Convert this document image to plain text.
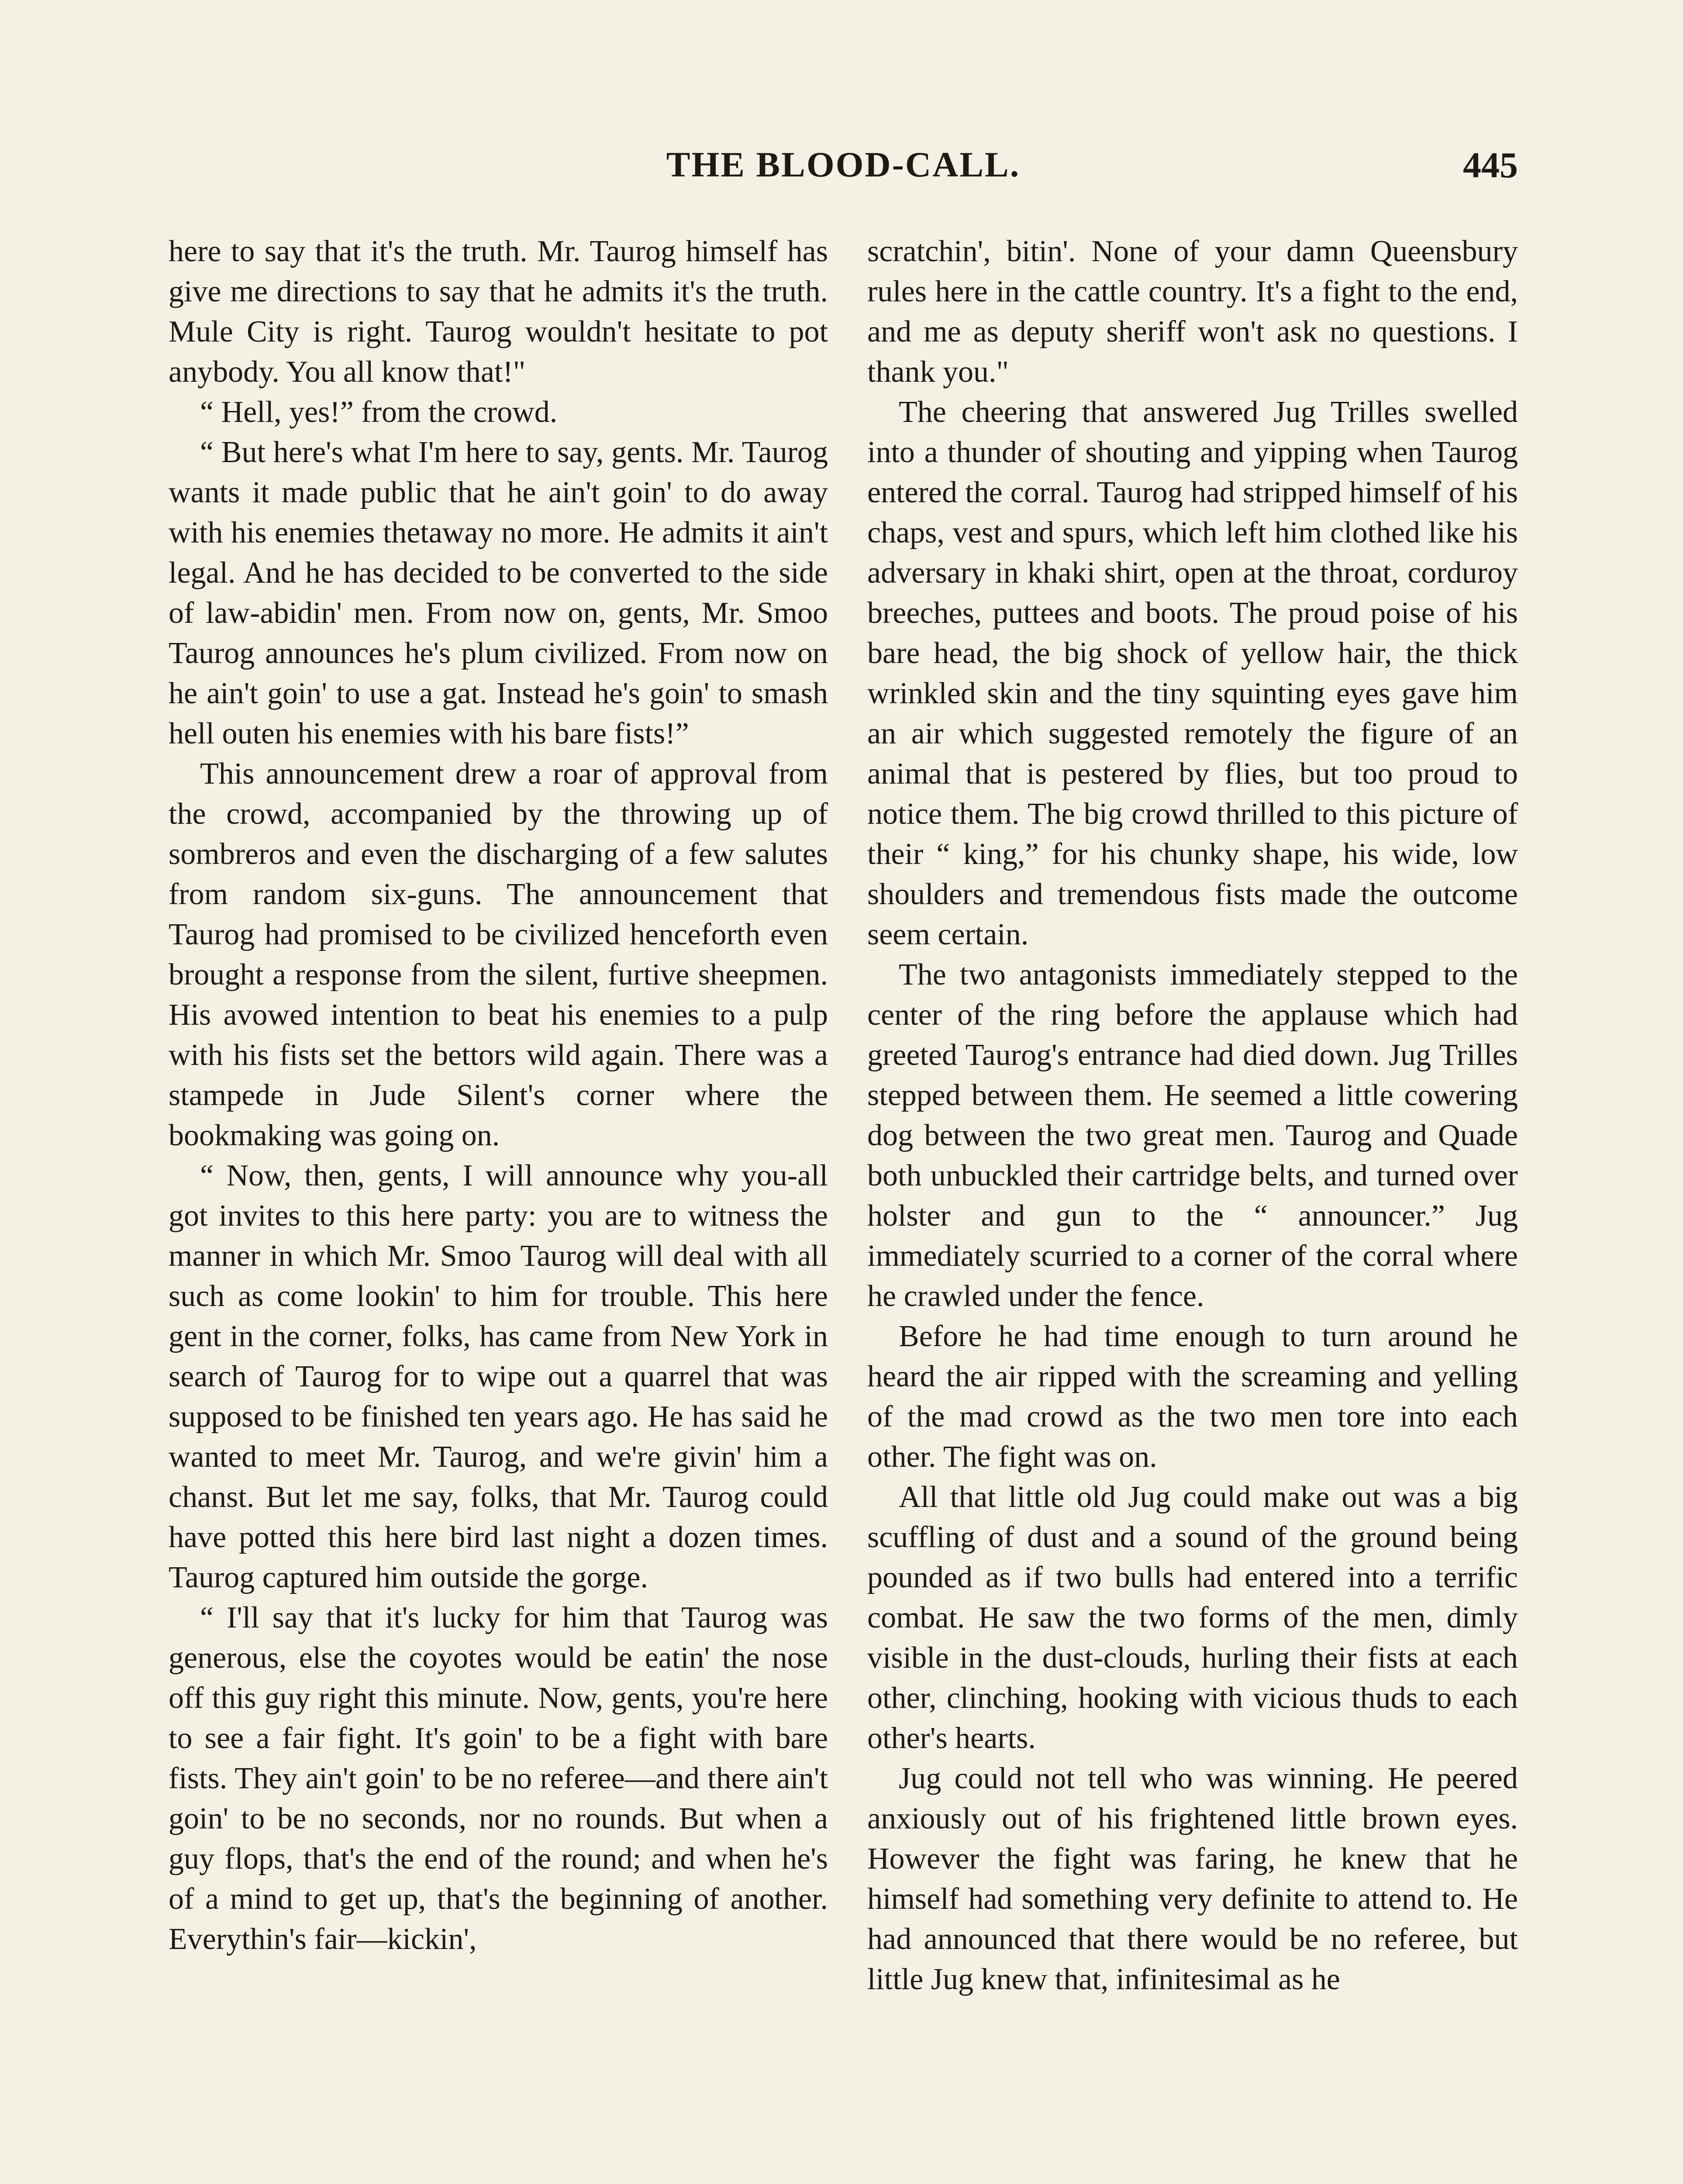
THE BLOOD-CALL.	445

here to say that it's the truth. Mr. Taurog himself has give me directions to say that he admits it's the truth. Mule City is right. Taurog wouldn't hesitate to pot anybody. You all know that!"

“ Hell, yes!” from the crowd.

“ But here's what I'm here to say, gents. Mr. Taurog wants it made public that he ain't goin' to do away with his enemies thetaway no more. He admits it ain't legal. And he has decided to be converted to the side of law-abidin' men. From now on, gents, Mr. Smoo Taurog announces he's plum civilized. From now on he ain't goin' to use a gat. Instead he's goin' to smash hell outen his enemies with his bare fists!”

This announcement drew a roar of approval from the crowd, accompanied by the throwing up of sombreros and even the discharging of a few salutes from random six-guns. The announcement that Taurog had promised to be civilized henceforth even brought a response from the silent, furtive sheepmen. His avowed intention to beat his enemies to a pulp with his fists set the bettors wild again. There was a stampede in Jude Silent's corner where the bookmaking was going on.

“ Now, then, gents, I will announce why you-all got invites to this here party: you are to witness the manner in which Mr. Smoo Taurog will deal with all such as come lookin' to him for trouble. This here gent in the corner, folks, has came from New York in search of Taurog for to wipe out a quarrel that was supposed to be finished ten years ago. He has said he wanted to meet Mr. Taurog, and we're givin' him a chanst. But let me say, folks, that Mr. Taurog could have potted this here bird last night a dozen times. Taurog captured him outside the gorge.

“ I'll say that it's lucky for him that Taurog was generous, else the coyotes would be eatin' the nose off this guy right this minute. Now, gents, you're here to see a fair fight. It's goin' to be a fight with bare fists. They ain't goin' to be no referee—and there ain't goin' to be no seconds, nor no rounds. But when a guy flops, that's the end of the round; and when he's of a mind to get up, that's the beginning of another. Everythin's fair—kickin',

scratchin', bitin'. None of your damn Queensbury rules here in the cattle country. It's a fight to the end, and me as deputy sheriff won't ask no questions. I thank you."

The cheering that answered Jug Trilles swelled into a thunder of shouting and yipping when Taurog entered the corral. Taurog had stripped himself of his chaps, vest and spurs, which left him clothed like his adversary in khaki shirt, open at the throat, corduroy breeches, puttees and boots. The proud poise of his bare head, the big shock of yellow hair, the thick wrinkled skin and the tiny squinting eyes gave him an air which suggested remotely the figure of an animal that is pestered by flies, but too proud to notice them. The big crowd thrilled to this picture of their “ king,” for his chunky shape, his wide, low shoulders and tremendous fists made the outcome seem certain.

The two antagonists immediately stepped to the center of the ring before the applause which had greeted Taurog's entrance had died down. Jug Trilles stepped between them. He seemed a little cowering dog between the two great men. Taurog and Quade both unbuckled their cartridge belts, and turned over holster and gun to the “ announcer.” Jug immediately scurried to a corner of the corral where he crawled under the fence.

Before he had time enough to turn around he heard the air ripped with the screaming and yelling of the mad crowd as the two men tore into each other. The fight was on.

All that little old Jug could make out was a big scuffling of dust and a sound of the ground being pounded as if two bulls had entered into a terrific combat. He saw the two forms of the men, dimly visible in the dust-clouds, hurling their fists at each other, clinching, hooking with vicious thuds to each other's hearts.

Jug could not tell who was winning. He peered anxiously out of his frightened little brown eyes. However the fight was faring, he knew that he himself had something very definite to attend to. He had announced that there would be no referee, but little Jug knew that, infinitesimal as he
